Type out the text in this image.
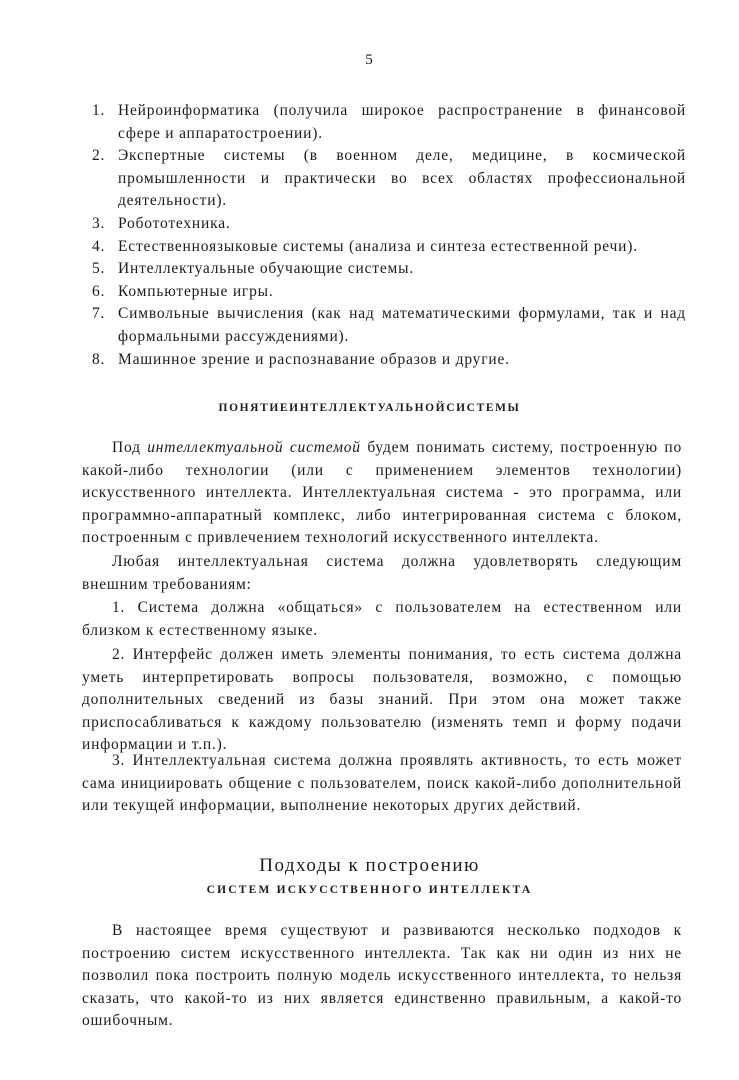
5
1. Нейроинформатика (получила широкое распространение в финансовой сфере и аппаратостроении).
2. Экспертные системы (в военном деле, медицине, в космической промышленности и практически во всех областях профессиональной деятельности).
3. Робототехника.
4. Естественноязыковые системы (анализа и синтеза естественной речи).
5. Интеллектуальные обучающие системы.
6. Компьютерные игры.
7. Символьные вычисления (как над математическими формулами, так и над формальными рассуждениями).
8. Машинное зрение и распознавание образов и другие.
ПОНЯТИЕИНТЕЛЛЕКТУАЛЬНОЙСИСТЕМЫ
Под интеллектуальной системой будем понимать систему, построенную по какой-либо технологии (или с применением элементов технологии) искусственного интеллекта. Интеллектуальная система - это программа, или программно-аппаратный комплекс, либо интегрированная система с блоком, построенным с привлечением технологий искусственного интеллекта.
Любая интеллектуальная система должна удовлетворять следующим внешним требованиям:
1. Система должна «общаться» с пользователем на естественном или близком к естественному языке.
2. Интерфейс должен иметь элементы понимания, то есть система должна уметь интерпретировать вопросы пользователя, возможно, с помощью дополнительных сведений из базы знаний. При этом она может также приспосабливаться к каждому пользователю (изменять темп и форму подачи информации и т.п.).
3. Интеллектуальная система должна проявлять активность, то есть может сама инициировать общение с пользователем, поиск какой-либо дополнительной или текущей информации, выполнение некоторых других действий.
Подходы к построению
СИСТЕМ ИСКУССТВЕННОГО ИНТЕЛЛЕКТА
В настоящее время существуют и развиваются несколько подходов к построению систем искусственного интеллекта. Так как ни один из них не позволил пока построить полную модель искусственного интеллекта, то нельзя сказать, что какой-то из них является единственно правильным, а какой-то ошибочным.
